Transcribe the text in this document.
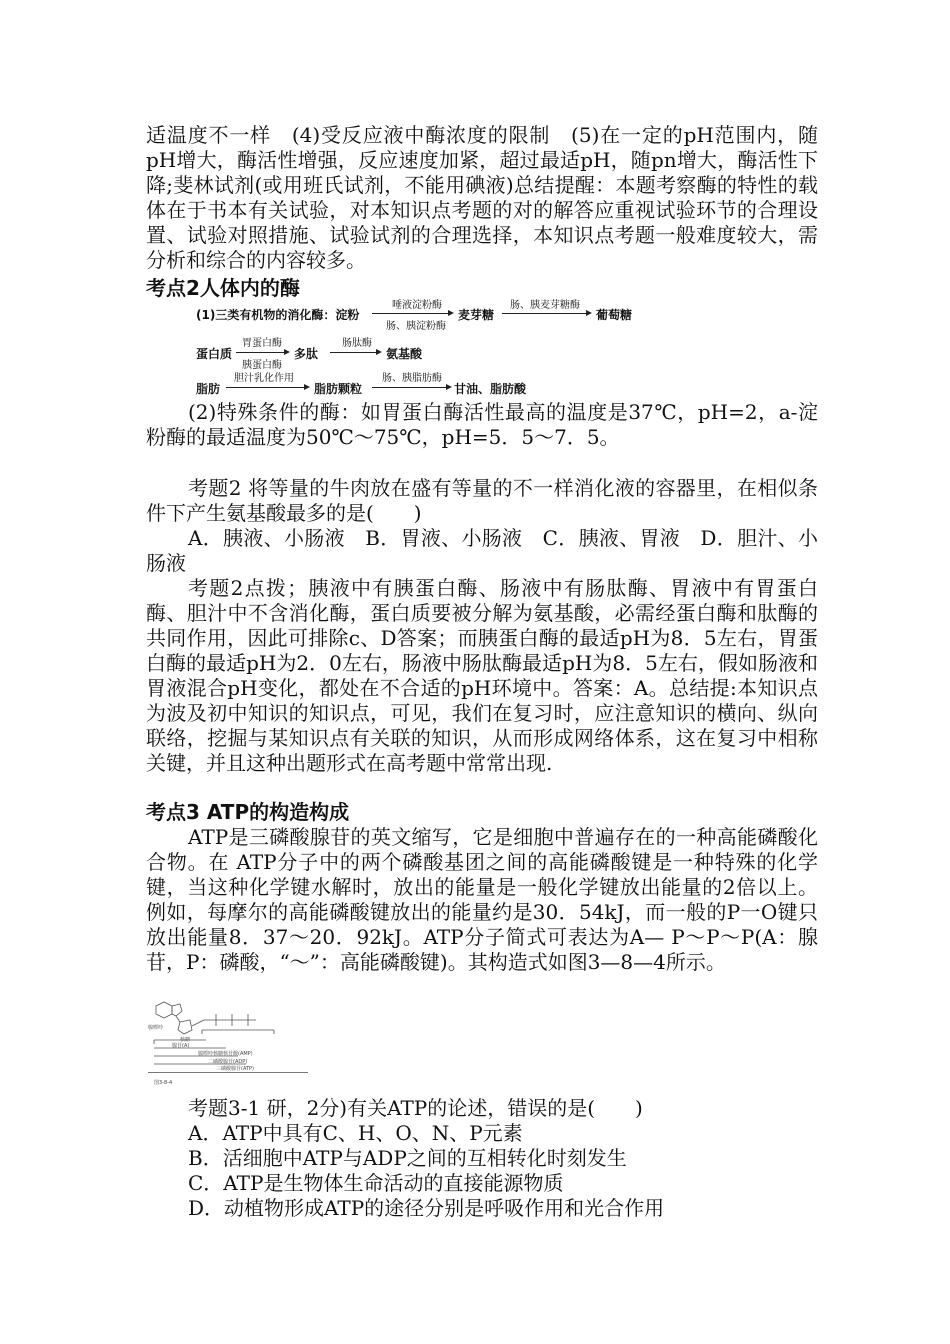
适温度不一样　(4)受反应液中酶浓度的限制　(5)在一定的pH范围内，随pH增大，酶活性增强，反应速度加紧，超过最适pH，随pn增大，酶活性下降;斐林试剂(或用班氏试剂，不能用碘液)总结提醒：本题考察酶的特性的载体在于书本有关试验，对本知识点考题的对的解答应重视试验环节的合理设置、试验对照措施、试验试剂的合理选择，本知识点考题一般难度较大，需分析和综合的内容较多。
考点2人体内的酶
(1)三类有机物的消化酶：淀粉
唾液淀粉酶
肠、胰淀粉酶
麦芽糖
肠、胰麦芽糖酶
葡萄糖
胃蛋白酶
蛋白质
胰蛋白酶
多肽
肠肽酶
氨基酸
脂肪
胆汁乳化作用
脂肪颗粒
肠、胰脂肪酶
甘油、脂肪酸
(2)特殊条件的酶：如胃蛋白酶活性最高的温度是37℃，pH=2，a-淀粉酶的最适温度为50℃～75℃，pH=5．5～7．5。
考题2 将等量的牛肉放在盛有等量的不一样消化液的容器里，在相似条件下产生氨基酸最多的是(　　)
A．胰液、小肠液　B．胃液、小肠液　C．胰液、胃液　D．胆汁、小肠液
考题2点拨；胰液中有胰蛋白酶、肠液中有肠肽酶、胃液中有胃蛋白酶、胆汁中不含消化酶，蛋白质要被分解为氨基酸，必需经蛋白酶和肽酶的共同作用，因此可排除c、D答案；而胰蛋白酶的最适pH为8．5左右，胃蛋白酶的最适pH为2．0左右，肠液中肠肽酶最适pH为8．5左右，假如肠液和胃液混合pH变化，都处在不合适的pH环境中。答案：A。总结提:本知识点为波及初中知识的知识点，可见，我们在复习时，应注意知识的横向、纵向联络，挖掘与某知识点有关联的知识，从而形成网络体系，这在复习中相称关键，并且这种出题形式在高考题中常常出现.
考点3 ATP的构造构成
ATP是三磷酸腺苷的英文缩写，它是细胞中普遍存在的一种高能磷酸化合物。在 ATP分子中的两个磷酸基团之间的高能磷酸键是一种特殊的化学键，当这种化学键水解时，放出的能量是一般化学键放出能量的2倍以上。例如，每摩尔的高能磷酸键放出的能量约是30．54kJ，而一般的P一O键只放出能量8．37～20．92kJ。ATP分子简式可表达为A— P～P～P(A：腺苷，P：磷酸，“～”：高能磷酸键)。其构造式如图3—8—4所示。
腺嘌呤
核糖
腺苷(A)
腺嘌呤核糖核苷酸(AMP)
二磷酸腺苷(ADP)
三磷酸腺苷(ATP)
图3-8-4
考题3-1 研，2分)有关ATP的论述，错误的是(　　)
A．ATP中具有C、H、O、N、P元素
B．活细胞中ATP与ADP之间的互相转化时刻发生
C．ATP是生物体生命活动的直接能源物质
D．动植物形成ATP的途径分别是呼吸作用和光合作用
